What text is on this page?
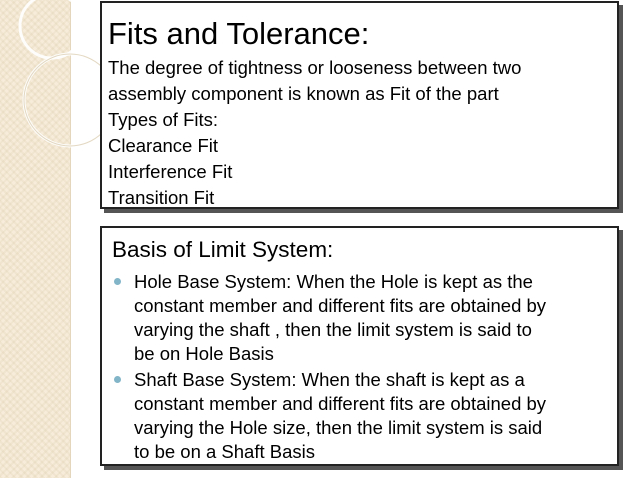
Fits and Tolerance:
The degree of tightness or looseness between two
assembly component is known as Fit of the part
Types of Fits:
Clearance Fit
Interference Fit
Transition Fit
Basis of Limit System:
Hole Base System: When the Hole is kept as the
constant member and different fits are obtained by
varying the shaft , then the limit system is said to
be on Hole Basis
Shaft Base System: When the shaft is kept as a
constant member and different fits are obtained by
varying the Hole size, then the limit system is said
to be on a Shaft Basis
